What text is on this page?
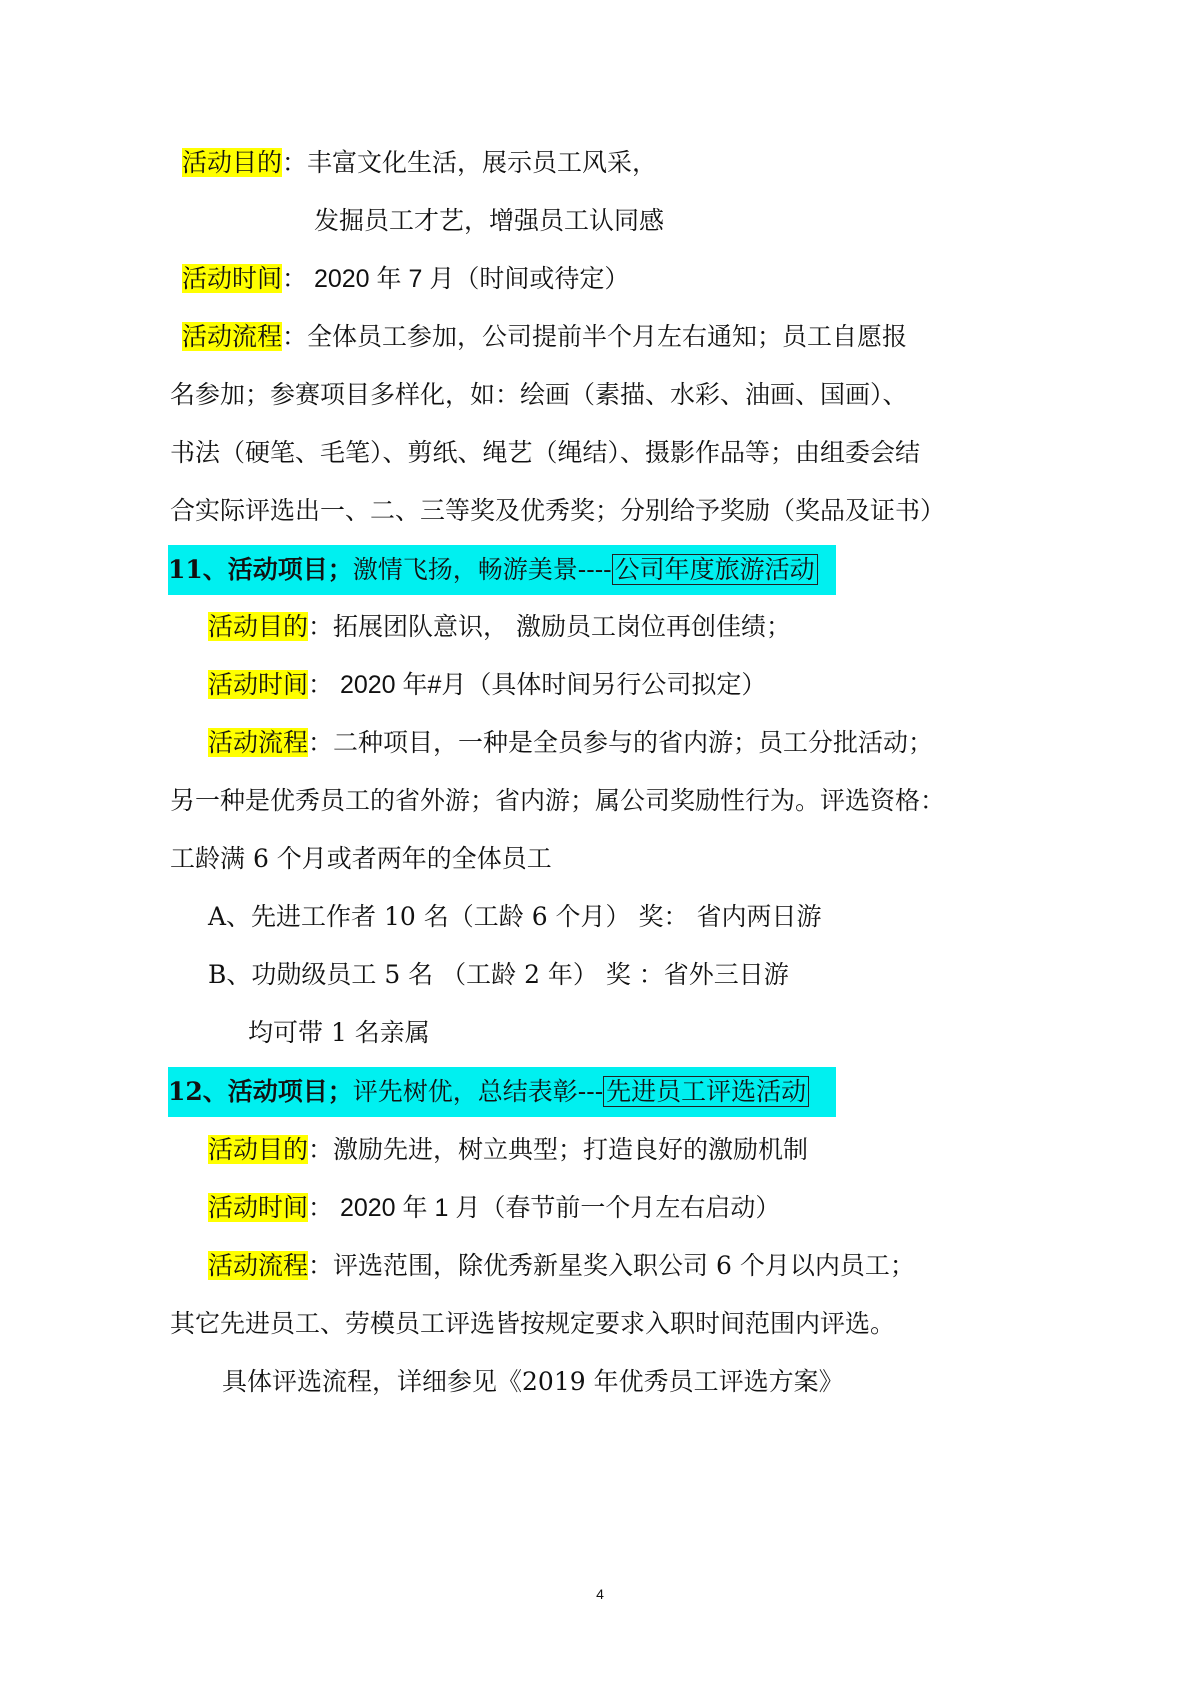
活动目的：丰富文化生活，展示员工风采，
发掘员工才艺，增强员工认同感
活动时间： 2020 年 7 月（时间或待定）
活动流程：全体员工参加，公司提前半个月左右通知；员工自愿报
名参加；参赛项目多样化，如：绘画（素描、水彩、油画、国画）、
书法（硬笔、毛笔）、剪纸、绳艺（绳结）、摄影作品等；由组委会结
合实际评选出一、二、三等奖及优秀奖；分别给予奖励（奖品及证书）
11、活动项目；激情飞扬，畅游美景---- 公司年度旅游活动
活动目的：拓展团队意识， 激励员工岗位再创佳绩；
活动时间： 2020 年#月（具体时间另行公司拟定）
活动流程：二种项目，一种是全员参与的省内游；员工分批活动；
另一种是优秀员工的省外游；省内游；属公司奖励性行为。评选资格：
工龄满 6 个月或者两年的全体员工
A、先进工作者 10 名（工龄 6 个月） 奖： 省内两日游
B、功勋级员工 5 名 （工龄 2 年） 奖 ：省外三日游
均可带 1 名亲属
12、活动项目；评先树优，总结表彰--- 先进员工评选活动
活动目的：激励先进，树立典型；打造良好的激励机制
活动时间： 2020 年 1 月（春节前一个月左右启动）
活动流程：评选范围，除优秀新星奖入职公司 6 个月以内员工；
其它先进员工、劳模员工评选皆按规定要求入职时间范围内评选。
具体评选流程，详细参见《2019 年优秀员工评选方案》
4
